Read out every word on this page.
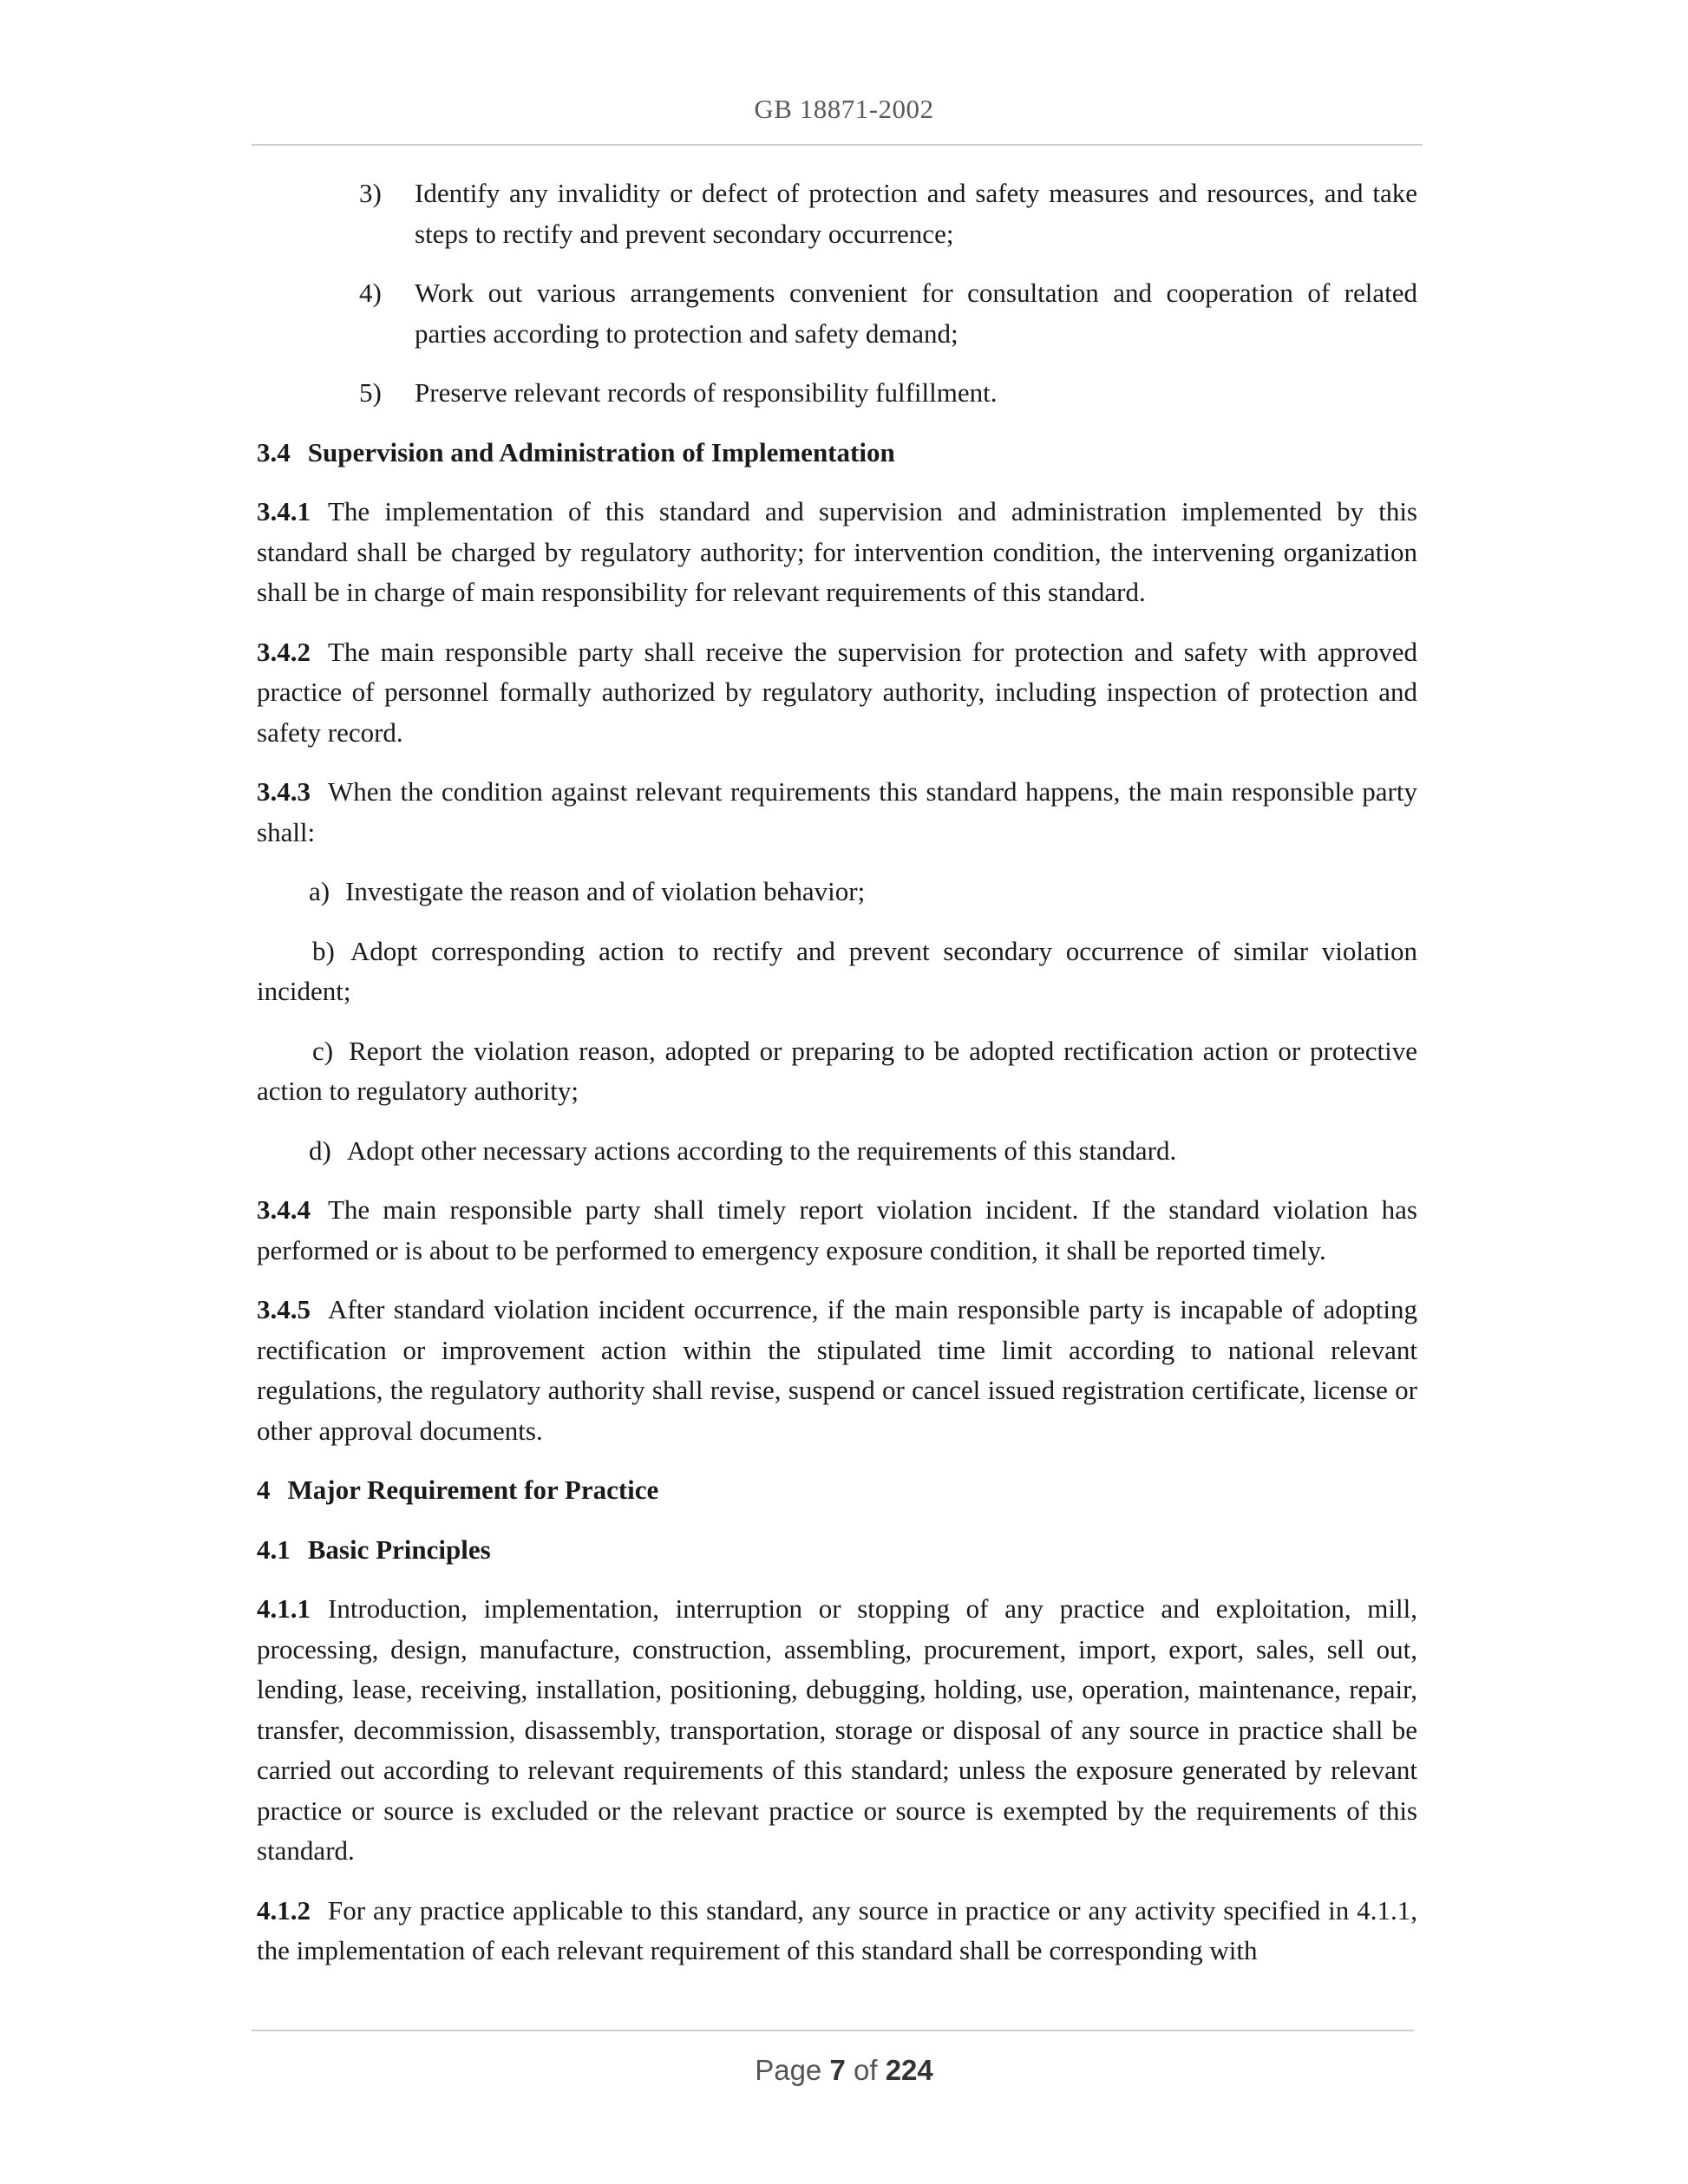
GB 18871-2002

3) Identify any invalidity or defect of protection and safety measures and resources, and take steps to rectify and prevent secondary occurrence;

4) Work out various arrangements convenient for consultation and cooperation of related parties according to protection and safety demand;

5) Preserve relevant records of responsibility fulfillment.

3.4 Supervision and Administration of Implementation

3.4.1 The implementation of this standard and supervision and administration implemented by this standard shall be charged by regulatory authority; for intervention condition, the intervening organization shall be in charge of main responsibility for relevant requirements of this standard.

3.4.2 The main responsible party shall receive the supervision for protection and safety with approved practice of personnel formally authorized by regulatory authority, including inspection of protection and safety record.

3.4.3 When the condition against relevant requirements this standard happens, the main responsible party shall:

a) Investigate the reason and of violation behavior;

b) Adopt corresponding action to rectify and prevent secondary occurrence of similar violation incident;

c) Report the violation reason, adopted or preparing to be adopted rectification action or protective action to regulatory authority;

d) Adopt other necessary actions according to the requirements of this standard.

3.4.4 The main responsible party shall timely report violation incident. If the standard violation has performed or is about to be performed to emergency exposure condition, it shall be reported timely.

3.4.5 After standard violation incident occurrence, if the main responsible party is incapable of adopting rectification or improvement action within the stipulated time limit according to national relevant regulations, the regulatory authority shall revise, suspend or cancel issued registration certificate, license or other approval documents.

4 Major Requirement for Practice

4.1 Basic Principles

4.1.1 Introduction, implementation, interruption or stopping of any practice and exploitation, mill, processing, design, manufacture, construction, assembling, procurement, import, export, sales, sell out, lending, lease, receiving, installation, positioning, debugging, holding, use, operation, maintenance, repair, transfer, decommission, disassembly, transportation, storage or disposal of any source in practice shall be carried out according to relevant requirements of this standard; unless the exposure generated by relevant practice or source is excluded or the relevant practice or source is exempted by the requirements of this standard.

4.1.2 For any practice applicable to this standard, any source in practice or any activity specified in 4.1.1, the implementation of each relevant requirement of this standard shall be corresponding with

Page 7 of 224
